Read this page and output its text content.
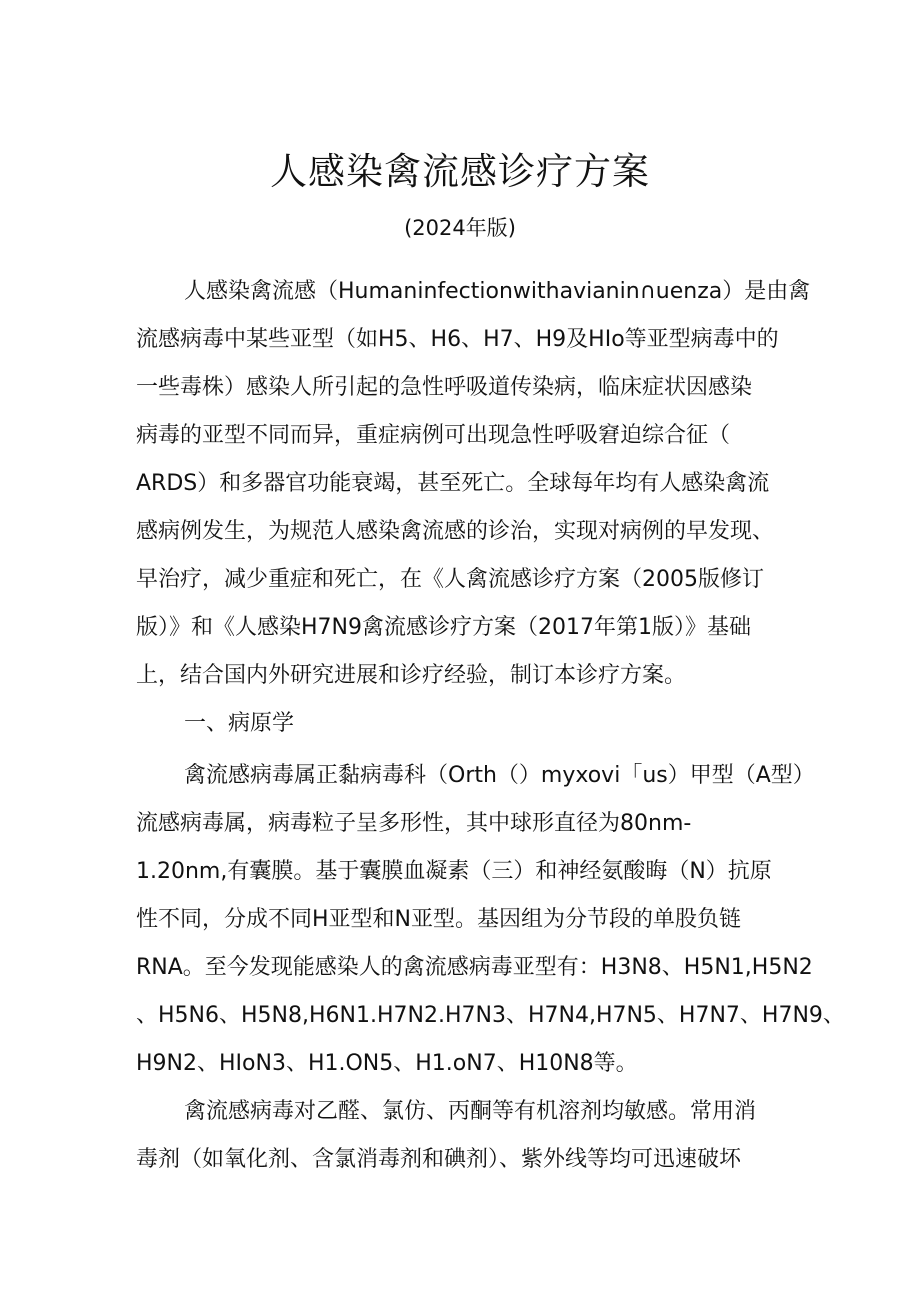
人感染禽流感诊疗方案
(2024年版)
人感染禽流感（Humaninfectionwithavianin∩uenza）是由禽
流感病毒中某些亚型（如H5、H6、H7、H9及HIo等亚型病毒中的
一些毒株）感染人所引起的急性呼吸道传染病，临床症状因感染
病毒的亚型不同而异，重症病例可出现急性呼吸窘迫综合征（
ARDS）和多器官功能衰竭，甚至死亡。全球每年均有人感染禽流
感病例发生，为规范人感染禽流感的诊治，实现对病例的早发现、
早治疗，减少重症和死亡，在《人禽流感诊疗方案（2005版修订
版）》和《人感染H7N9禽流感诊疗方案（2017年第1版）》基础
上，结合国内外研究进展和诊疗经验，制订本诊疗方案。
一、病原学
禽流感病毒属正黏病毒科（Orth（）myxovi「us）甲型（A型）
流感病毒属，病毒粒子呈多形性，其中球形直径为80nm-
1.20nm,有囊膜。基于囊膜血凝素（三）和神经氨酸晦（N）抗原
性不同，分成不同H亚型和N亚型。基因组为分节段的单股负链
RNA。至今发现能感染人的禽流感病毒亚型有：H3N8、H5N1,H5N2
、H5N6、H5N8,H6N1.H7N2.H7N3、H7N4,H7N5、H7N7、H7N9、
H9N2、HIoN3、H1.ON5、H1.oN7、H10N8等。
禽流感病毒对乙醛、氯仿、丙酮等有机溶剂均敏感。常用消
毒剂（如氧化剂、含氯消毒剂和碘剂）、紫外线等均可迅速破坏
